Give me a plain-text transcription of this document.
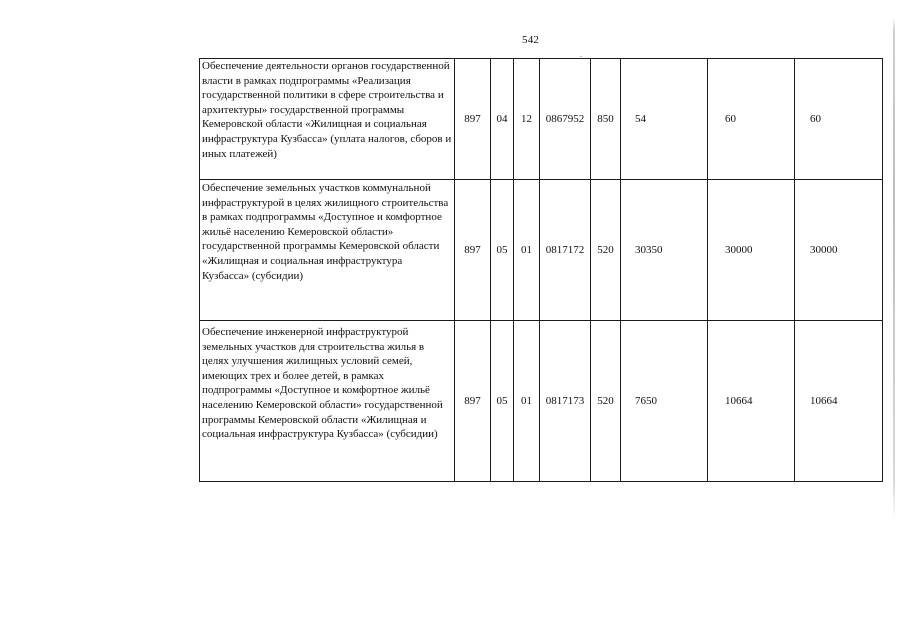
542
Обеспечение деятельности органов государственной власти в рамках подпрограммы «Реализация государственной политики в сфере строительства и архитектуры» государственной программы Кемеровской области «Жилищная и социальная инфраструктура Кузбасса» (уплата налогов, сборов и иных платежей)	897	04	12	0867952	850	54	60	60
Обеспечение земельных участков коммунальной инфраструктурой в целях жилищного строительства в рамках подпрограммы «Доступное и комфортное жильё населению Кемеровской области» государственной программы Кемеровской области «Жилищная и социальная инфраструктура Кузбасса» (субсидии)	897	05	01	0817172	520	30350	30000	30000
Обеспечение инженерной инфраструктурой земельных участков для строительства жилья в целях улучшения жилищных условий семей, имеющих трех и более детей, в рамках подпрограммы «Доступное и комфортное жильё населению Кемеровской области» государственной программы Кемеровской области «Жилищная и социальная инфраструктура Кузбасса» (субсидии)	897	05	01	0817173	520	7650	10664	10664
